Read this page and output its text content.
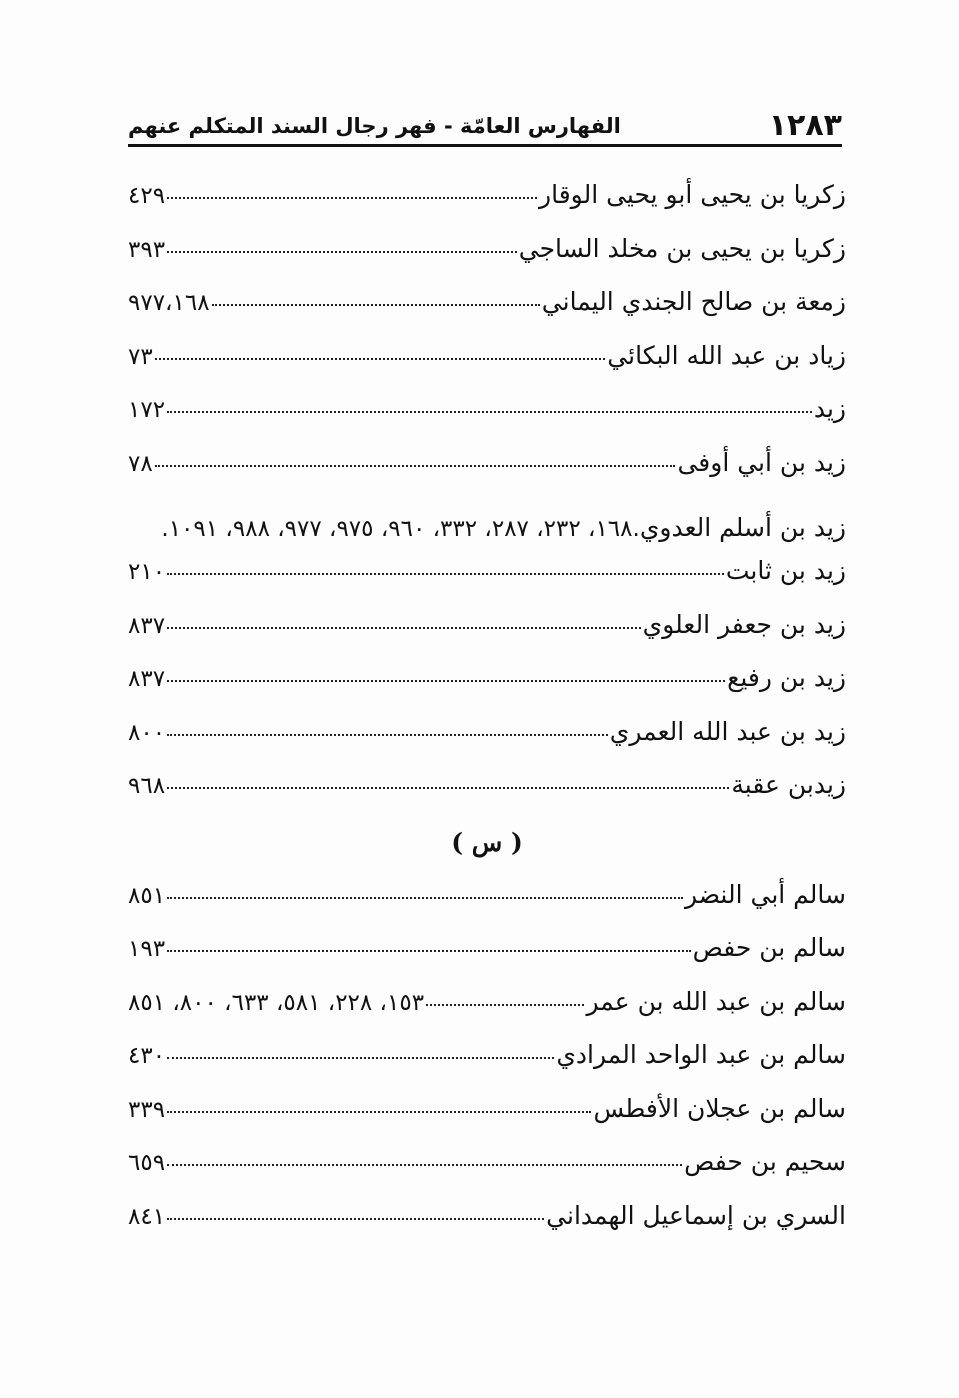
١٢٨٣
الفهارس العامّة - فهر رجال السند المتكلم عنهم
زكريا بن يحيى أبو يحيى الوقار
٤٢٩
زكريا بن يحيى بن مخلد الساجي
٣٩٣
زمعة بن صالح الجندي اليماني
٩٧٧،١٦٨
زياد بن عبد الله البكائي
٧٣
زيد
١٧٢
زيد بن أبي أوفى
٧٨
زيد بن أسلم العدوي.١٦٨، ٢٣٢، ٢٨٧، ٣٣٢، ٩٦٠، ٩٧٥، ٩٧٧، ٩٨٨، ١٠٩١.
زيد بن ثابت
٢١٠
زيد بن جعفر العلوي
٨٣٧
زيد بن رفيع
٨٣٧
زيد بن عبد الله العمري
٨٠٠
زيدبن عقبة
٩٦٨
( س )
سالم أبي النضر
٨٥١
سالم بن حفص
١٩٣
سالم بن عبد الله بن عمر
١٥٣، ٢٢٨، ٥٨١، ٦٣٣، ٨٠٠، ٨٥١
سالم بن عبد الواحد المرادي
٤٣٠
سالم بن عجلان الأفطس
٣٣٩
سحيم بن حفص
٦٥٩
السري بن إسماعيل الهمداني
٨٤١
